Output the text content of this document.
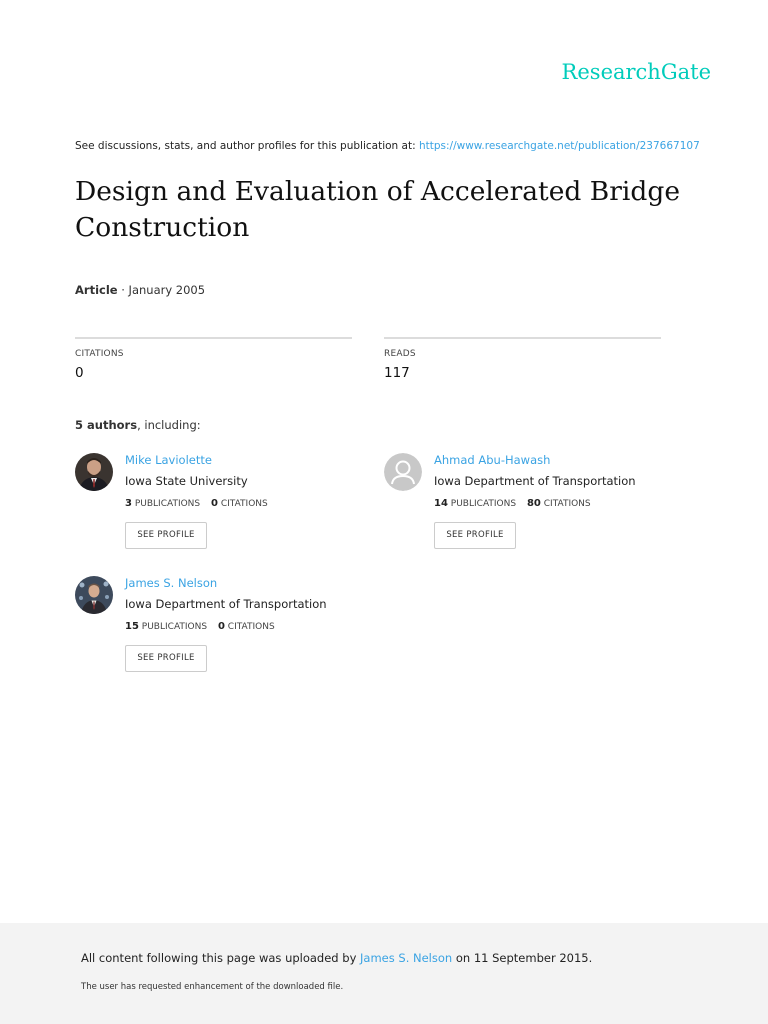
ResearchGate
See discussions, stats, and author profiles for this publication at: https://www.researchgate.net/publication/237667107
Design and Evaluation of Accelerated Bridge Construction
Article · January 2005
CITATIONS
0
READS
117
5 authors, including:
Mike Laviolette
Iowa State University
3 PUBLICATIONS 0 CITATIONS
SEE PROFILE
Ahmad Abu-Hawash
Iowa Department of Transportation
14 PUBLICATIONS 80 CITATIONS
SEE PROFILE
James S. Nelson
Iowa Department of Transportation
15 PUBLICATIONS 0 CITATIONS
SEE PROFILE
All content following this page was uploaded by James S. Nelson on 11 September 2015.
The user has requested enhancement of the downloaded file.
